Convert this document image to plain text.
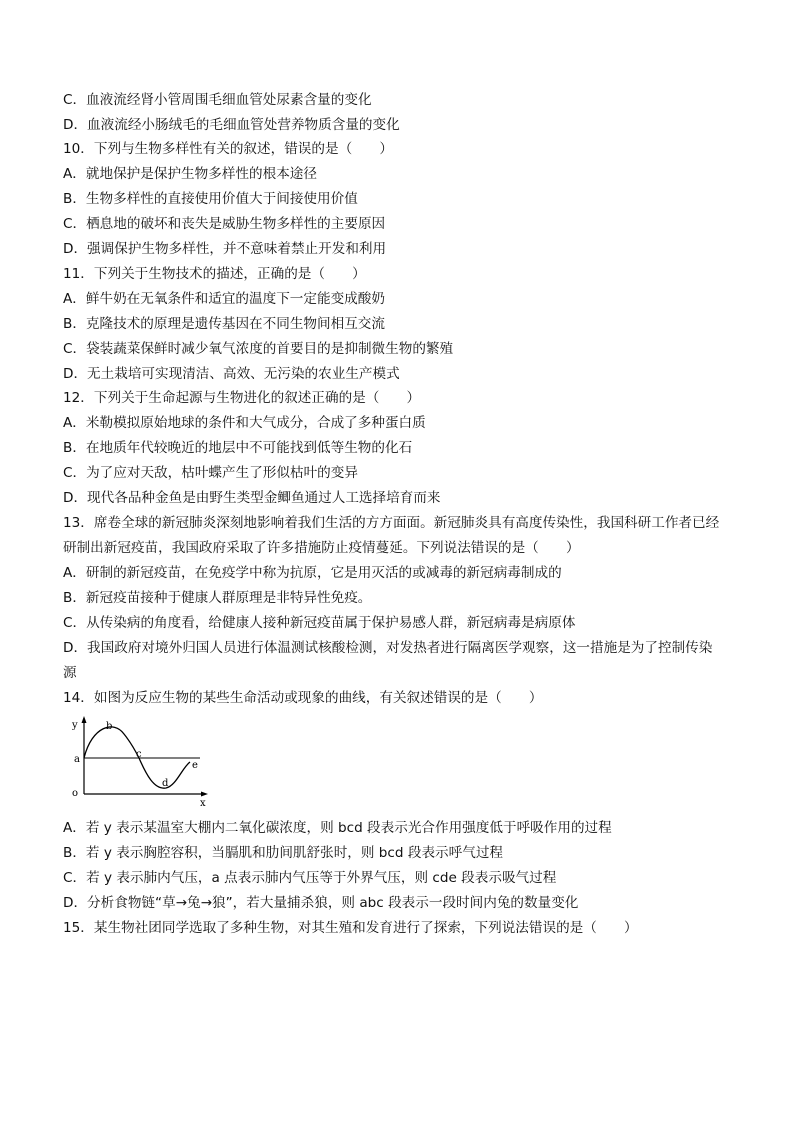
C．血液流经肾小管周围毛细血管处尿素含量的变化
D．血液流经小肠绒毛的毛细血管处营养物质含量的变化
10．下列与生物多样性有关的叙述，错误的是（　　）
A．就地保护是保护生物多样性的根本途径
B．生物多样性的直接使用价值大于间接使用价值
C．栖息地的破坏和丧失是威胁生物多样性的主要原因
D．强调保护生物多样性，并不意味着禁止开发和利用
11．下列关于生物技术的描述，正确的是（　　）
A．鲜牛奶在无氧条件和适宜的温度下一定能变成酸奶
B．克隆技术的原理是遗传基因在不同生物间相互交流
C．袋装蔬菜保鲜时减少氧气浓度的首要目的是抑制微生物的繁殖
D．无土栽培可实现清洁、高效、无污染的农业生产模式
12．下列关于生命起源与生物进化的叙述正确的是（　　）
A．米勒模拟原始地球的条件和大气成分，合成了多种蛋白质
B．在地质年代较晚近的地层中不可能找到低等生物的化石
C．为了应对天敌，枯叶蝶产生了形似枯叶的变异
D．现代各品种金鱼是由野生类型金鲫鱼通过人工选择培育而来
13．席卷全球的新冠肺炎深刻地影响着我们生活的方方面面。新冠肺炎具有高度传染性，我国科研工作者已经
研制出新冠疫苗，我国政府采取了许多措施防止疫情蔓延。下列说法错误的是（　　）
A．研制的新冠疫苗，在免疫学中称为抗原，它是用灭活的或减毒的新冠病毒制成的
B．新冠疫苗接种于健康人群原理是非特异性免疫。
C．从传染病的角度看，给健康人接种新冠疫苗属于保护易感人群，新冠病毒是病原体
D．我国政府对境外归国人员进行体温测试核酸检测，对发热者进行隔离医学观察，这一措施是为了控制传染
源
14．如图为反应生物的某些生命活动或现象的曲线，有关叙述错误的是（　　）
y
a
b
c
d
e
o
x
A．若 y 表示某温室大棚内二氧化碳浓度，则 bcd 段表示光合作用强度低于呼吸作用的过程
B．若 y 表示胸腔容积，当膈肌和肋间肌舒张时，则 bcd 段表示呼气过程
C．若 y 表示肺内气压，a 点表示肺内气压等于外界气压，则 cde 段表示吸气过程
D．分析食物链“草→兔→狼”，若大量捕杀狼，则 abc 段表示一段时间内兔的数量变化
15．某生物社团同学选取了多种生物，对其生殖和发育进行了探索，下列说法错误的是（　　）
